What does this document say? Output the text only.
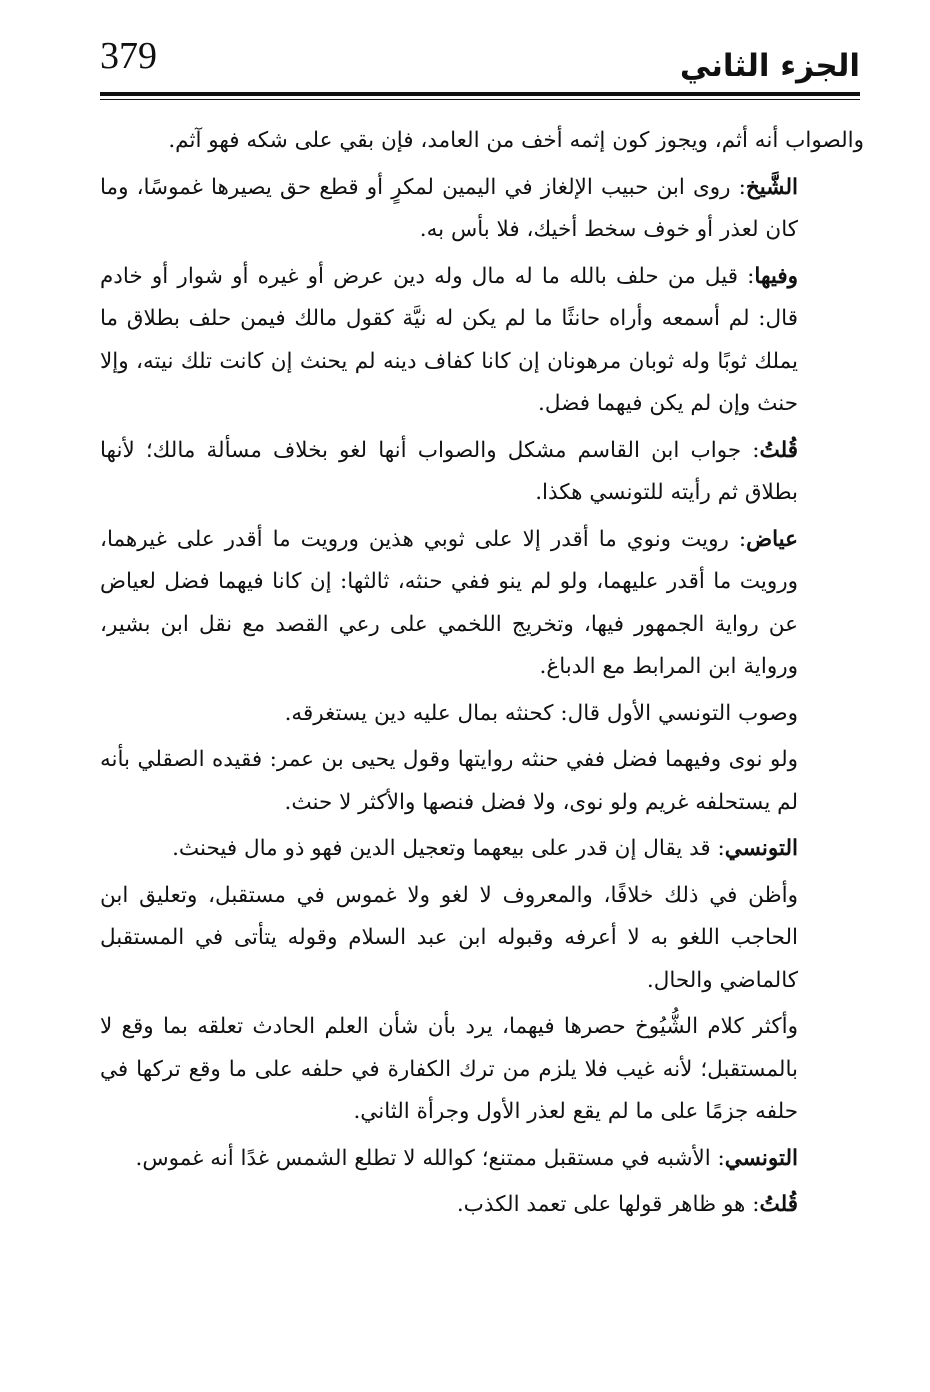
379	الجزء الثاني

والصواب أنه أثم، ويجوز كون إثمه أخف من العامد، فإن بقي على شكه فهو آثم.

الشَّيخ: روى ابن حبيب الإلغاز في اليمين لمكرٍ أو قطع حق يصيرها غموسًا، وما كان لعذر أو خوف سخط أخيك، فلا بأس به.

وفيها: قيل من حلف بالله ما له مال وله دين عرض أو غيره أو شوار أو خادم قال: لم أسمعه وأراه حانثًا ما لم يكن له نيَّة كقول مالك فيمن حلف بطلاق ما يملك ثوبًا وله ثوبان مرهونان إن كانا كفاف دينه لم يحنث إن كانت تلك نيته، وإلا حنث وإن لم يكن فيهما فضل.

قُلتُ: جواب ابن القاسم مشكل والصواب أنها لغو بخلاف مسألة مالك؛ لأنها بطلاق ثم رأيته للتونسي هكذا.

عياض: رويت ونوي ما أقدر إلا على ثوبي هذين ورويت ما أقدر على غيرهما، ورويت ما أقدر عليهما، ولو لم ينو ففي حنثه، ثالثها: إن كانا فيهما فضل لعياض عن رواية الجمهور فيها، وتخريج اللخمي على رعي القصد مع نقل ابن بشير، ورواية ابن المرابط مع الدباغ.

وصوب التونسي الأول قال: كحنثه بمال عليه دين يستغرقه.

ولو نوى وفيهما فضل ففي حنثه روايتها وقول يحيى بن عمر: فقيده الصقلي بأنه لم يستحلفه غريم ولو نوى، ولا فضل فنصها والأكثر لا حنث.

التونسي: قد يقال إن قدر على بيعهما وتعجيل الدين فهو ذو مال فيحنث.

وأظن في ذلك خلافًا، والمعروف لا لغو ولا غموس في مستقبل، وتعليق ابن الحاجب اللغو به لا أعرفه وقبوله ابن عبد السلام وقوله يتأتى في المستقبل كالماضي والحال.

وأكثر كلام الشُّيُوخ حصرها فيهما، يرد بأن شأن العلم الحادث تعلقه بما وقع لا بالمستقبل؛ لأنه غيب فلا يلزم من ترك الكفارة في حلفه على ما وقع تركها في حلفه جزمًا على ما لم يقع لعذر الأول وجرأة الثاني.

التونسي: الأشبه في مستقبل ممتنع؛ كوالله لا تطلع الشمس غدًا أنه غموس.

قُلتُ: هو ظاهر قولها على تعمد الكذب.
